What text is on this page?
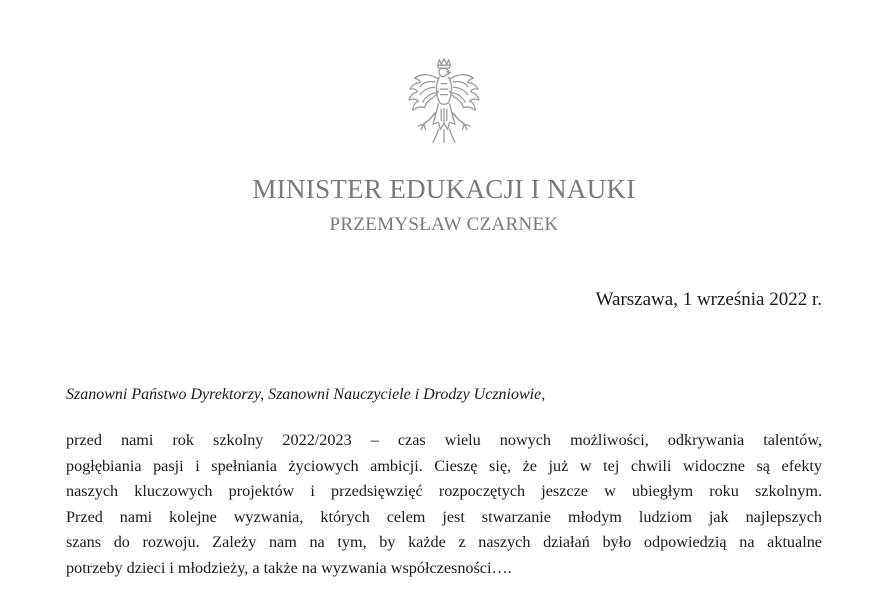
MINISTER EDUKACJI I NAUKI
PRZEMYSŁAW CZARNEK
Warszawa, 1 września 2022 r.
Szanowni Państwo Dyrektorzy, Szanowni Nauczyciele i Drodzy Uczniowie,
przed nami rok szkolny 2022/2023 – czas wielu nowych możliwości, odkrywania talentów,
pogłębiania pasji i spełniania życiowych ambicji. Cieszę się, że już w tej chwili widoczne są efekty
naszych kluczowych projektów i przedsięwzięć rozpoczętych jeszcze w ubiegłym roku szkolnym.
Przed nami kolejne wyzwania, których celem jest stwarzanie młodym ludziom jak najlepszych
szans do rozwoju. Zależy nam na tym, by każde z naszych działań było odpowiedzią na aktualne
potrzeby dzieci i młodzieży, a także na wyzwania współczesności….
